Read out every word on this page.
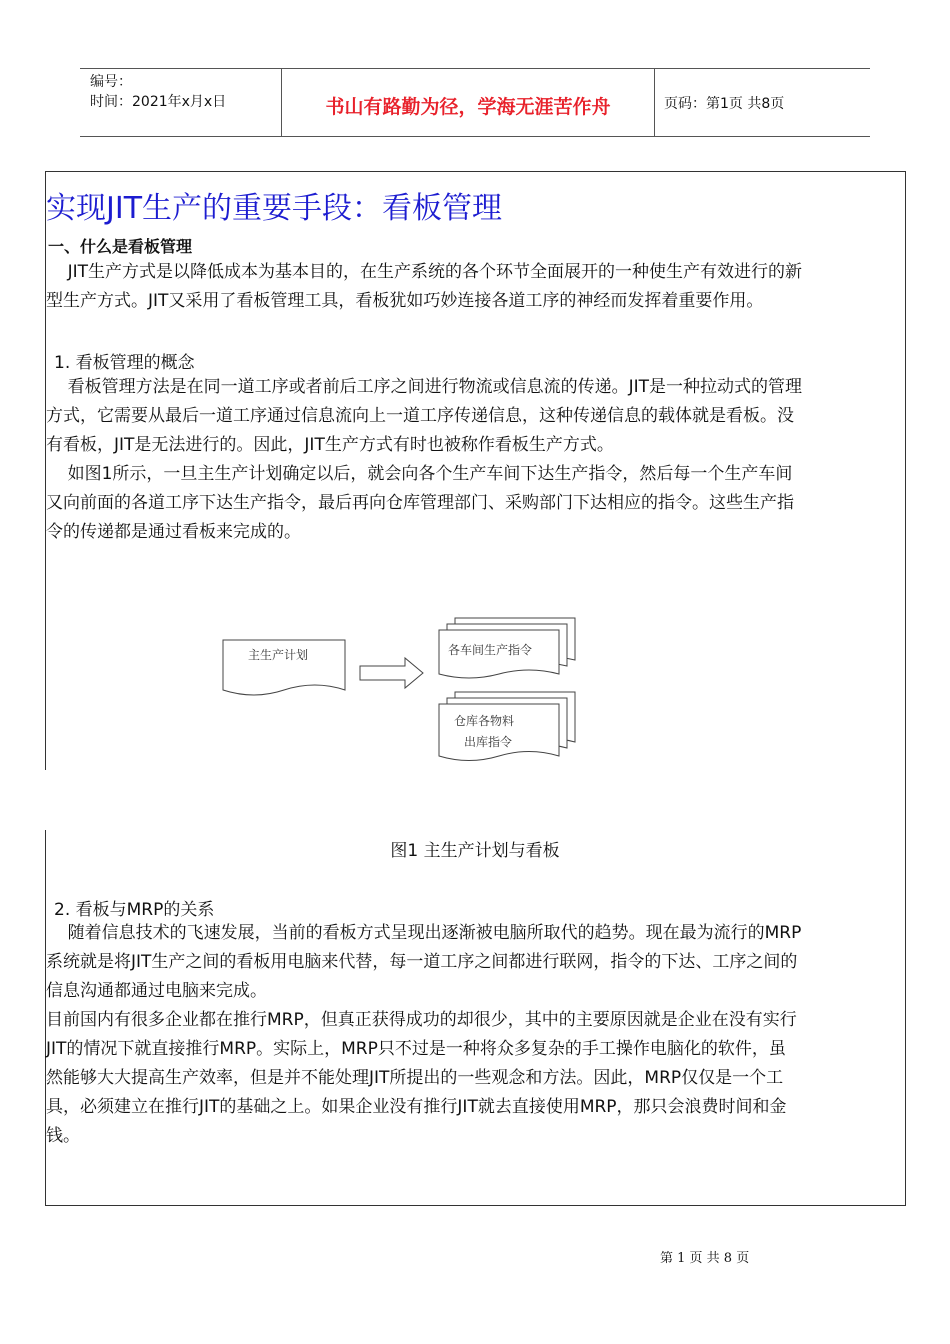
编号：
时间：2021年x月x日	书山有路勤为径，学海无涯苦作舟	页码：第1页 共8页
实现JIT生产的重要手段：看板管理
一、什么是看板管理
JIT生产方式是以降低成本为基本目的，在生产系统的各个环节全面展开的一种使生产有效进行的新
型生产方式。JIT又采用了看板管理工具，看板犹如巧妙连接各道工序的神经而发挥着重要作用。
1. 看板管理的概念
看板管理方法是在同一道工序或者前后工序之间进行物流或信息流的传递。JIT是一种拉动式的管理
方式，它需要从最后一道工序通过信息流向上一道工序传递信息，这种传递信息的载体就是看板。没
有看板，JIT是无法进行的。因此，JIT生产方式有时也被称作看板生产方式。
如图1所示，一旦主生产计划确定以后，就会向各个生产车间下达生产指令，然后每一个生产车间
又向前面的各道工序下达生产指令，最后再向仓库管理部门、采购部门下达相应的指令。这些生产指
令的传递都是通过看板来完成的。
主生产计划	各车间生产指令
仓库各物料
出库指令
图1 主生产计划与看板
2. 看板与MRP的关系
随着信息技术的飞速发展，当前的看板方式呈现出逐渐被电脑所取代的趋势。现在最为流行的MRP
系统就是将JIT生产之间的看板用电脑来代替，每一道工序之间都进行联网，指令的下达、工序之间的
信息沟通都通过电脑来完成。
目前国内有很多企业都在推行MRP，但真正获得成功的却很少，其中的主要原因就是企业在没有实行
JIT的情况下就直接推行MRP。实际上，MRP只不过是一种将众多复杂的手工操作电脑化的软件，虽
然能够大大提高生产效率，但是并不能处理JIT所提出的一些观念和方法。因此，MRP仅仅是一个工
具，必须建立在推行JIT的基础之上。如果企业没有推行JIT就去直接使用MRP，那只会浪费时间和金
钱。
第 1 页 共 8 页
